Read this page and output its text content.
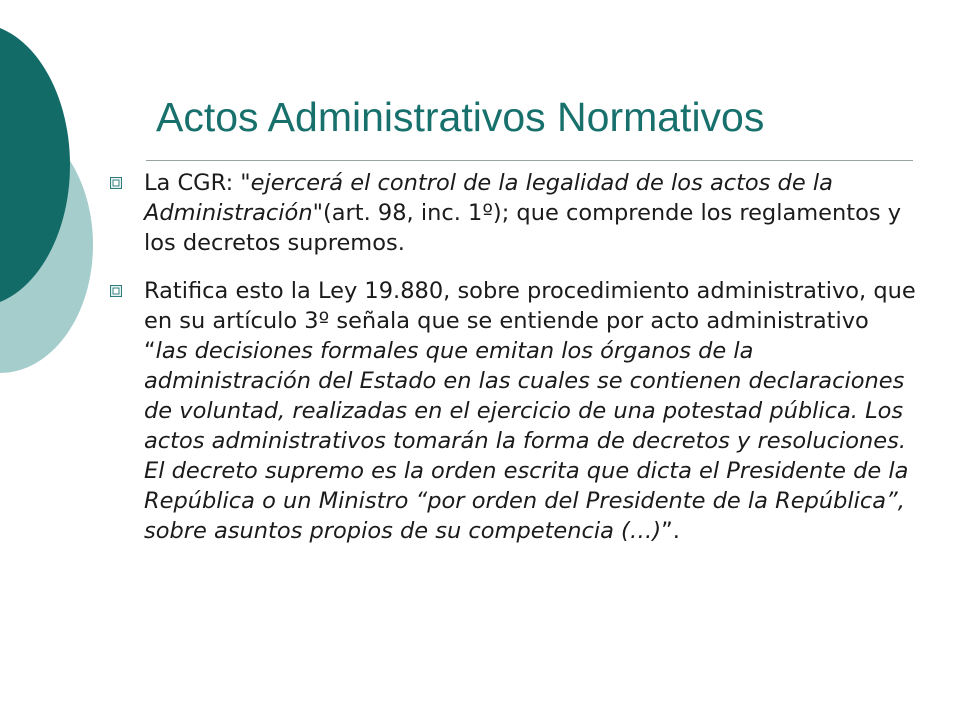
Actos Administrativos Normativos
La CGR: "ejercerá el control de la legalidad de los actos de la Administración"(art. 98, inc. 1º); que comprende los reglamentos y los decretos supremos.
Ratifica esto la Ley 19.880, sobre procedimiento administrativo, que en su artículo 3º señala que se entiende por acto administrativo “las decisiones formales que emitan los órganos de la administración del Estado en las cuales se contienen declaraciones de voluntad, realizadas en el ejercicio de una potestad pública. Los actos administrativos tomarán la forma de decretos y resoluciones. El decreto supremo es la orden escrita que dicta el Presidente de la República o un Ministro “por orden del Presidente de la República”, sobre asuntos propios de su competencia (…)”.
